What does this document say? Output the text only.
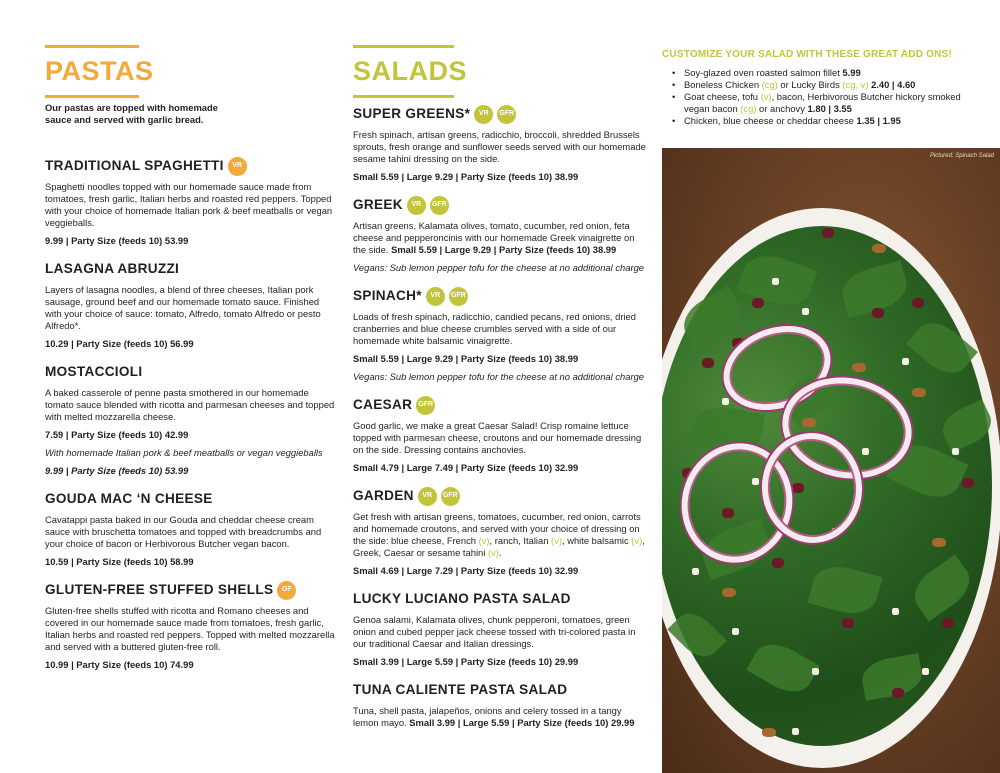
PASTAS	SALADS
Our pastas are topped with homemade sauce and served with garlic bread.
TRADITIONAL SPAGHETTI	VR
Spaghetti noodles topped with our homemade sauce made from tomatoes, fresh garlic, Italian herbs and roasted red peppers. Topped with your choice of homemade Italian pork & beef meatballs or vegan veggieballs.
9.99 | Party Size (feeds 10) 53.99
LASAGNA ABRUZZI
Layers of lasagna noodles, a blend of three cheeses, Italian pork sausage, ground beef and our homemade tomato sauce. Finished with your choice of sauce: tomato, Alfredo, tomato Alfredo or pesto Alfredo*.
10.29 | Party Size (feeds 10) 56.99
MOSTACCIOLI
A baked casserole of penne pasta smothered in our homemade tomato sauce blended with ricotta and parmesan cheeses and topped with melted mozzarella cheese.
7.59 | Party Size (feeds 10) 42.99
With homemade Italian pork & beef meatballs or vegan veggieballs
9.99 | Party Size (feeds 10) 53.99
GOUDA MAC ‘N CHEESE
Cavatappi pasta baked in our Gouda and cheddar cheese cream sauce with bruschetta tomatoes and topped with breadcrumbs and your choice of bacon or Herbivorous Butcher vegan bacon.
10.59 | Party Size (feeds 10) 58.99
GLUTEN-FREE STUFFED SHELLS	GF
Gluten-free shells stuffed with ricotta and Romano cheeses and covered in our homemade sauce made from tomatoes, fresh garlic, Italian herbs and roasted red peppers. Topped with melted mozzarella and served with a buttered gluten-free roll.
10.99 | Party Size (feeds 10) 74.99
SUPER GREENS*	VR	GFR
Fresh spinach, artisan greens, radicchio, broccoli, shredded Brussels sprouts, fresh orange and sunflower seeds served with our homemade sesame tahini dressing on the side.
Small 5.59 | Large 9.29 | Party Size (feeds 10) 38.99
GREEK	VR	GFR
Artisan greens, Kalamata olives, tomato, cucumber, red onion, feta cheese and pepperoncinis with our homemade Greek vinaigrette on the side. Small 5.59 | Large 9.29 | Party Size (feeds 10) 38.99
Vegans: Sub lemon pepper tofu for the cheese at no additional charge
SPINACH*	VR	GFR
Loads of fresh spinach, radicchio, candied pecans, red onions, dried cranberries and blue cheese crumbles served with a side of our homemade white balsamic vinaigrette.
Small 5.59 | Large 9.29 | Party Size (feeds 10) 38.99
Vegans: Sub lemon pepper tofu for the cheese at no additional charge
CAESAR GFR
Good garlic, we make a great Caesar Salad! Crisp romaine lettuce topped with parmesan cheese, croutons and our homemade dressing on the side. Dressing contains anchovies.
Small 4.79 | Large 7.49 | Party Size (feeds 10) 32.99
GARDEN	VR	GFR
Get fresh with artisan greens, tomatoes, cucumber, red onion, carrots and homemade croutons, and served with your choice of dressing on the side: blue cheese, French (v), ranch, Italian (v), white balsamic (v), Greek, Caesar or sesame tahini (v).
Small 4.69 | Large 7.29 | Party Size (feeds 10) 32.99
LUCKY LUCIANO PASTA SALAD
Genoa salami, Kalamata olives, chunk pepperoni, tomatoes, green onion and cubed pepper jack cheese tossed with tri-colored pasta in our traditional Caesar and Italian dressings.
Small 3.99 | Large 5.59 | Party Size (feeds 10) 29.99
TUNA CALIENTE PASTA SALAD
Tuna, shell pasta, jalapeños, onions and celery tossed in a tangy lemon mayo. Small 3.99 | Large 5.59 | Party Size (feeds 10) 29.99
CUSTOMIZE YOUR SALAD WITH THESE GREAT ADD ONS!
• Soy-glazed oven roasted salmon fillet 5.99
• Boneless Chicken (cg) or Lucky Birds (cg, v) 2.40 | 4.60
• Goat cheese, tofu (v), bacon, Herbivorous Butcher hickory smoked vegan bacon (cg) or anchovy 1.80 | 3.55
• Chicken, blue cheese or cheddar cheese 1.35 | 1.95
Pictured: Spinach Salad
